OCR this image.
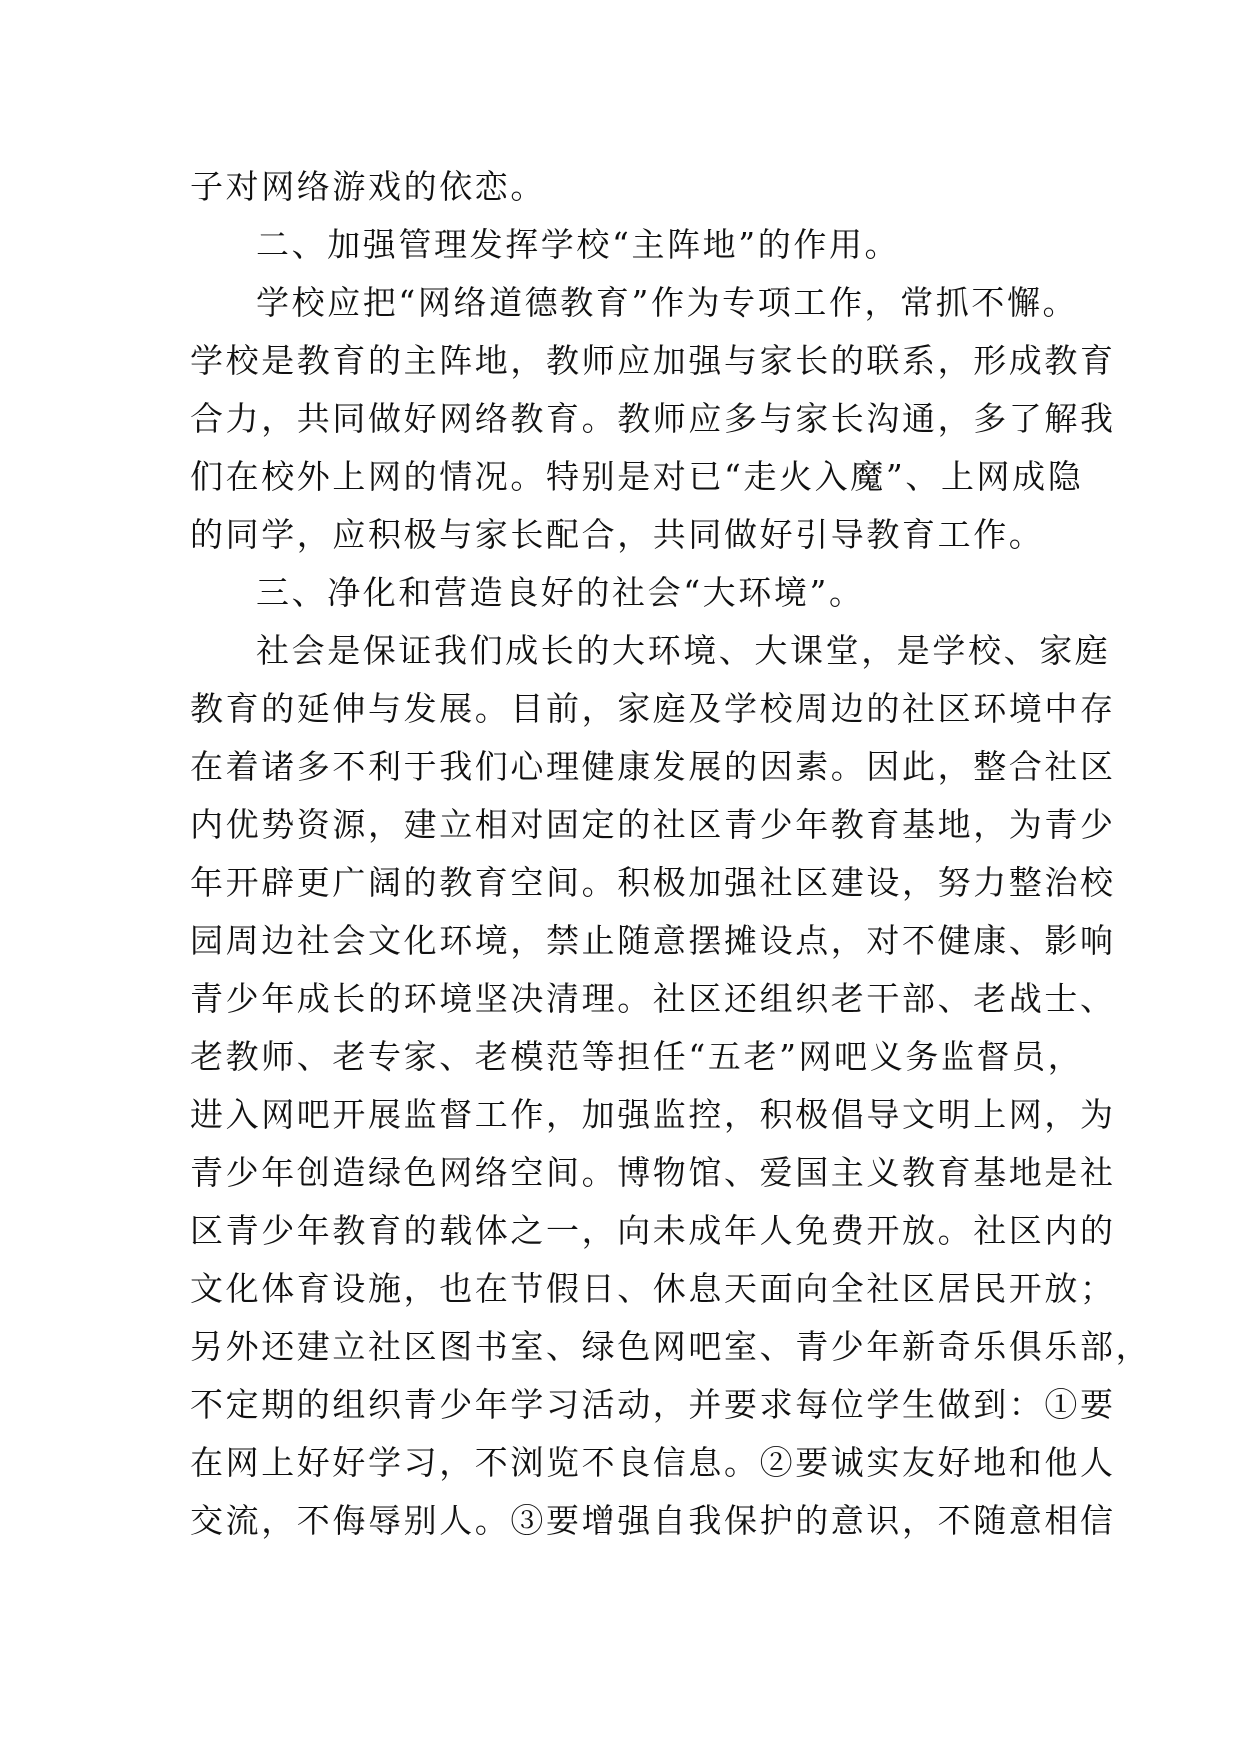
子对网络游戏的依恋。
二、加强管理发挥学校“主阵地”的作用。
学校应把“网络道德教育”作为专项工作，常抓不懈。
学校是教育的主阵地，教师应加强与家长的联系，形成教育
合力，共同做好网络教育。教师应多与家长沟通，多了解我
们在校外上网的情况。特别是对已“走火入魔”、上网成隐
的同学，应积极与家长配合，共同做好引导教育工作。
三、净化和营造良好的社会“大环境”。
社会是保证我们成长的大环境、大课堂，是学校、家庭
教育的延伸与发展。目前，家庭及学校周边的社区环境中存
在着诸多不利于我们心理健康发展的因素。因此，整合社区
内优势资源，建立相对固定的社区青少年教育基地，为青少
年开辟更广阔的教育空间。积极加强社区建设，努力整治校
园周边社会文化环境，禁止随意摆摊设点，对不健康、影响
青少年成长的环境坚决清理。社区还组织老干部、老战士、
老教师、老专家、老模范等担任“五老”网吧义务监督员，
进入网吧开展监督工作，加强监控，积极倡导文明上网，为
青少年创造绿色网络空间。博物馆、爱国主义教育基地是社
区青少年教育的载体之一，向未成年人免费开放。社区内的
文化体育设施，也在节假日、休息天面向全社区居民开放；
另外还建立社区图书室、绿色网吧室、青少年新奇乐俱乐部，
不定期的组织青少年学习活动，并要求每位学生做到：①要
在网上好好学习，不浏览不良信息。②要诚实友好地和他人
交流，不侮辱别人。③要增强自我保护的意识，不随意相信
